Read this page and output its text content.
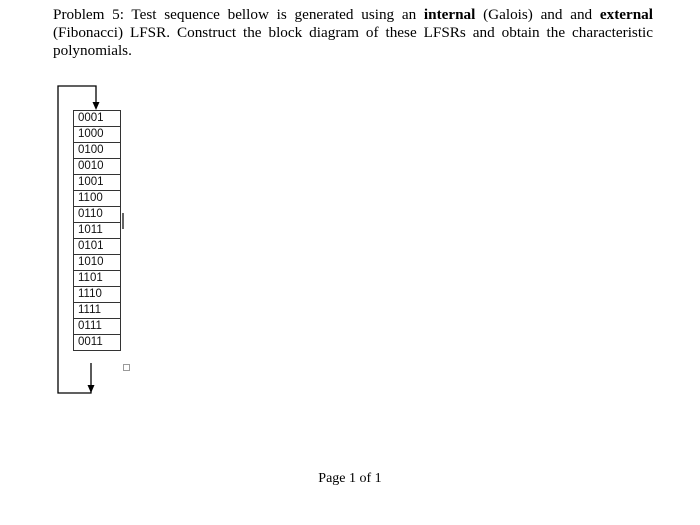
Problem 5: Test sequence bellow is generated using an internal (Galois) and and external (Fibonacci) LFSR. Construct the block diagram of these LFSRs and obtain the characteristic polynomials.

0001
1000
0100
0010
1001
1100
0110
1011
0101
1010
1101
1110
1111
0111
0011

Page 1 of 1
